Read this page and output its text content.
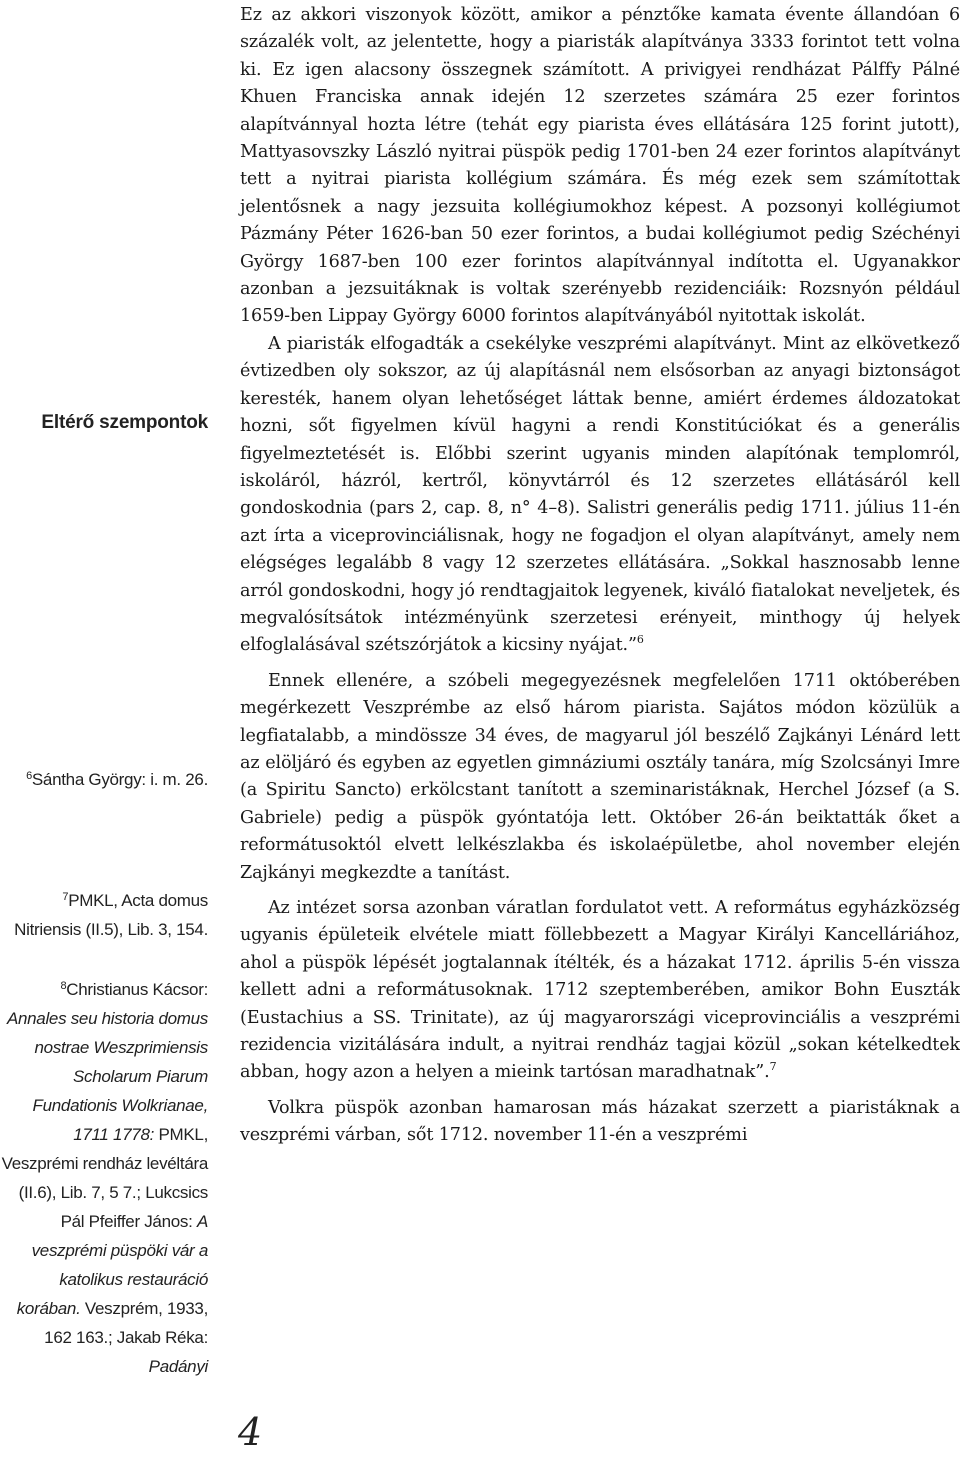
Eltérő szempontok
$^6$Sántha György: i. m. 26.
$^7$PMKL, Acta domus Nitriensis (II.5), Lib. 3, 154.
$^8$Christianus Kácsor: Annales seu historia domus nostrae Weszprimiensis Scholarum Piarum Fundationis Wolkrianae, 1711 1778: PMKL, Veszprémi rendház levéltára (II.6), Lib. 7, 5 7.; Lukcsics Pál Pfeiffer János: A veszprémi püspöki vár a katolikus restauráció korában. Veszprém, 1933, 162 163.; Jakab Réka: Padányi

Ez az akkori viszonyok között, amikor a pénztőke kamata évente állandóan 6 százalék volt, az jelentette, hogy a piaristák alapítványa 3333 forintot tett volna ki. Ez igen alacsony összegnek számított. A privigyei rendházat Pálffy Pálné Khuen Franciska annak idején 12 szerzetes számára 25 ezer forintos alapítvánnyal hozta létre (tehát egy piarista éves ellátására 125 forint jutott), Mattyasovszky László nyitrai püspök pedig 1701-ben 24 ezer forintos alapítványt tett a nyitrai piarista kollégium számára. És még ezek sem számítottak jelentősnek a nagy jezsuita kollégiumokhoz képest. A pozsonyi kollégiumot Pázmány Péter 1626-ban 50 ezer forintos, a budai kollégiumot pedig Széchényi György 1687-ben 100 ezer forintos alapítvánnyal indította el. Ugyanakkor azonban a jezsuitáknak is voltak szerényebb rezidenciáik: Rozsnyón például 1659-ben Lippay György 6000 forintos alapítványából nyitottak iskolát.

A piaristák elfogadták a csekélyke veszprémi alapítványt. Mint az elkövetkező évtizedben oly sokszor, az új alapításnál nem elsősorban az anyagi biztonságot keresték, hanem olyan lehetőséget láttak benne, amiért érdemes áldozatokat hozni, sőt figyelmen kívül hagyni a rendi Konstitúciókat és a generális figyelmeztetését is. Előbbi szerint ugyanis minden alapítónak templomról, iskoláról, házról, kertről, könyvtárról és 12 szerzetes ellátásáról kell gondoskodnia (pars 2, cap. 8, n° 4–8). Salistri generális pedig 1711. július 11-én azt írta a viceprovinciálisnak, hogy ne fogadjon el olyan alapítványt, amely nem elégséges legalább 8 vagy 12 szerzetes ellátására. „Sokkal hasznosabb lenne arról gondoskodni, hogy jó rendtagjaitok legyenek, kiváló fiatalokat neveljetek, és megvalósítsátok intézményünk szerzetesi erényeit, minthogy új helyek elfoglalásával szétszórjátok a kicsiny nyájat.”$^6$

Ennek ellenére, a szóbeli megegyezésnek megfelelően 1711 októberében megérkezett Veszprémbe az első három piarista. Sajátos módon közülük a legfiatalabb, a mindössze 34 éves, de magyarul jól beszélő Zajkányi Lénárd lett az elöljáró és egyben az egyetlen gimnáziumi osztály tanára, míg Szolcsányi Imre (a Spiritu Sancto) erkölcstant tanított a szeminaristáknak, Herchel József (a S. Gabriele) pedig a püspök gyóntatója lett. Október 26-án beiktatták őket a reformátusoktól elvett lelkészlakba és iskolaépületbe, ahol november elején Zajkányi megkezdte a tanítást.

Az intézet sorsa azonban váratlan fordulatot vett. A református egyházközség ugyanis épületeik elvétele miatt föllebbezett a Magyar Királyi Kancelláriához, ahol a püspök lépését jogtalannak ítélték, és a házakat 1712. április 5-én vissza kellett adni a reformátusoknak. 1712 szeptemberében, amikor Bohn Euszták (Eustachius a SS. Trinitate), az új magyarországi viceprovinciális a veszprémi rezidencia vizitálására indult, a nyitrai rendház tagjai közül „sokan kételkedtek abban, hogy azon a helyen a mieink tartósan maradhatnak”.$^7$

Volkra püspök azonban hamarosan más házakat szerzett a piaristáknak a veszprémi várban, sőt 1712. november 11-én a veszprémi

4
